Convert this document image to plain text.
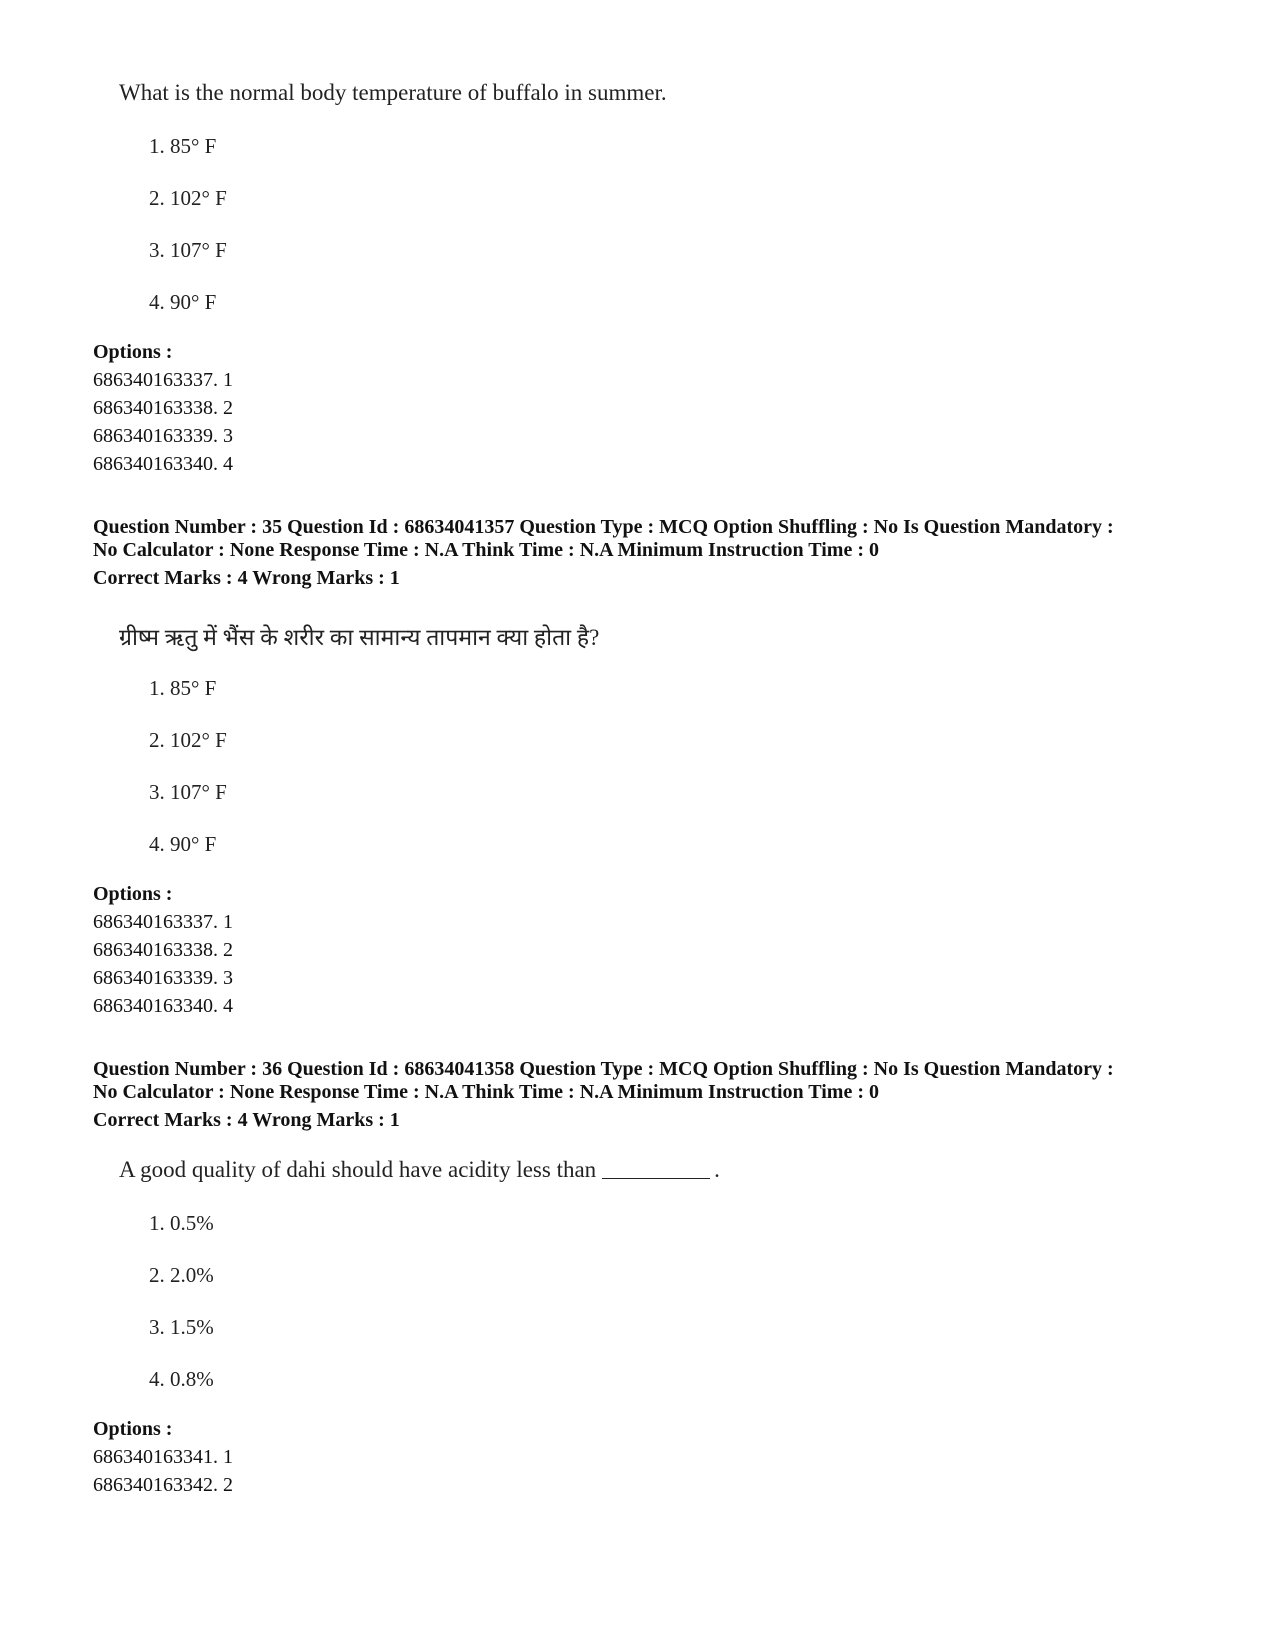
What is the normal body temperature of buffalo in summer.
1. 85° F
2. 102° F
3. 107° F
4. 90° F
Options :
686340163337. 1
686340163338. 2
686340163339. 3
686340163340. 4
Question Number : 35 Question Id : 68634041357 Question Type : MCQ Option Shuffling : No Is Question Mandatory :
No Calculator : None Response Time : N.A Think Time : N.A Minimum Instruction Time : 0
Correct Marks : 4 Wrong Marks : 1
ग्रीष्म ऋतु में भैंस के शरीर का सामान्य तापमान क्या होता है?
1. 85° F
2. 102° F
3. 107° F
4. 90° F
Options :
686340163337. 1
686340163338. 2
686340163339. 3
686340163340. 4
Question Number : 36 Question Id : 68634041358 Question Type : MCQ Option Shuffling : No Is Question Mandatory :
No Calculator : None Response Time : N.A Think Time : N.A Minimum Instruction Time : 0
Correct Marks : 4 Wrong Marks : 1
A good quality of dahi should have acidity less than	.
1. 0.5%
2. 2.0%
3. 1.5%
4. 0.8%
Options :
686340163341. 1
686340163342. 2
